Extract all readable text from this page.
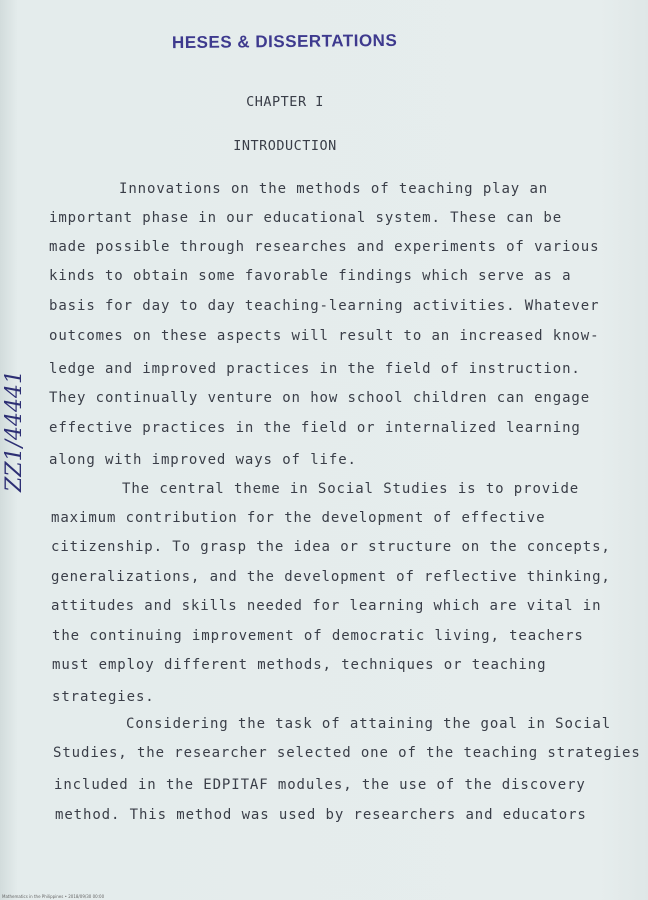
HESES & DISSERTATIONS
CHAPTER I
INTRODUCTION
ZZ1/44441
Innovations on the methods of teaching play an
important phase in our educational system. These can be
made possible through researches and experiments of various
kinds to obtain some favorable findings which serve as a
basis for day to day teaching-learning activities. Whatever
outcomes on these aspects will result to an increased know-
ledge and improved practices in the field of instruction.
They continually venture on how school children can engage
effective practices in the field or internalized learning
along with improved ways of life.
The central theme in Social Studies is to provide
maximum contribution for the development of effective
citizenship. To grasp the idea or structure on the concepts,
generalizations, and the development of reflective thinking,
attitudes and skills needed for learning which are vital in
the continuing improvement of democratic living, teachers
must employ different methods, techniques or teaching
strategies.
Considering the task of attaining the goal in Social
Studies, the researcher selected one of the teaching strategies
included in the EDPITAF modules, the use of the discovery
method. This method was used by researchers and educators
Mathematics in the Philippines • 2018/09/30 00:00
